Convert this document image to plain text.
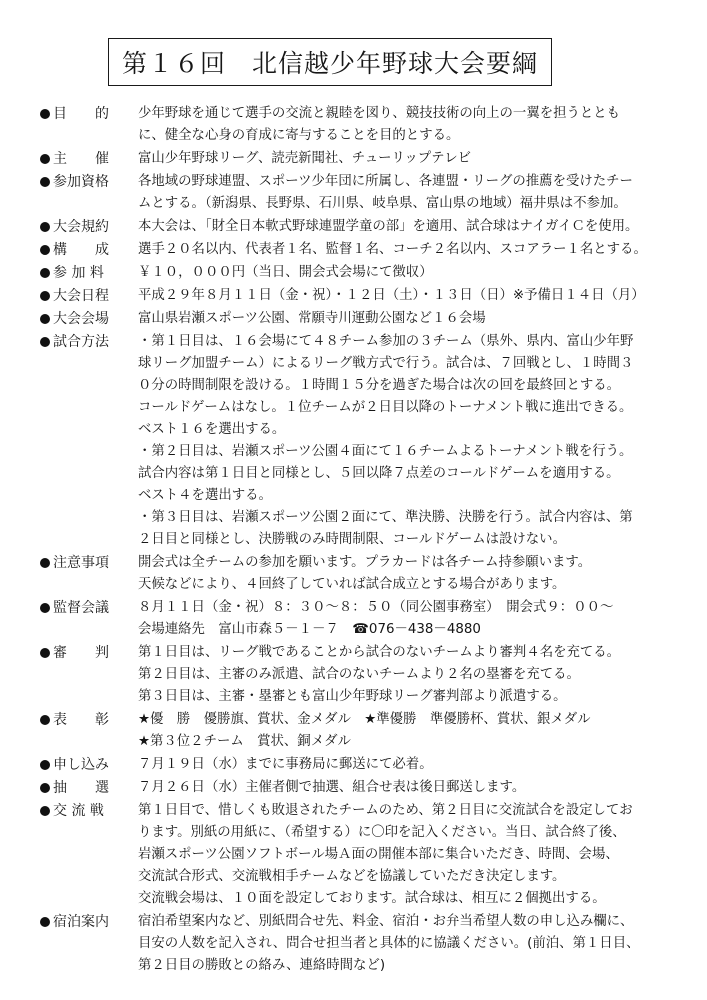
第１６回　北信越少年野球大会要綱
目　　的 少年野球を通じて選手の交流と親睦を図り、競技技術の向上の一翼を担うととも
に、健全な心身の育成に寄与することを目的とする。
主　　催 富山少年野球リーグ、読売新聞社、チューリップテレビ
参加資格 各地域の野球連盟、スポーツ少年団に所属し、各連盟・リーグの推薦を受けたチー
ムとする。（新潟県、長野県、石川県、岐阜県、富山県の地域）福井県は不参加。
大会規約 本大会は、「財全日本軟式野球連盟学童の部」を適用、試合球はナイガイＣを使用。
構　　成 選手２０名以内、代表者１名、監督１名、コーチ２名以内、スコアラー１名とする。
参 加 料	￥１０，０００円（当日、開会式会場にて徴収）
大会日程 平成２９年８月１１日（金・祝）・１２日（土）・１３日（日）※予備日１４日（月）
大会会場 富山県岩瀬スポーツ公園、常願寺川運動公園など１６会場
試合方法 ・第１日目は、１６会場にて４８チーム参加の３チーム（県外、県内、富山少年野
球リーグ加盟チーム）によるリーグ戦方式で行う。試合は、７回戦とし、１時間３
０分の時間制限を設ける。１時間１５分を過ぎた場合は次の回を最終回とする。
コールドゲームはなし。１位チームが２日目以降のトーナメント戦に進出できる。
ベスト１６を選出する。
・第２日目は、岩瀬スポーツ公園４面にて１６チームよるトーナメント戦を行う。
試合内容は第１日目と同様とし、５回以降７点差のコールドゲームを適用する。
ベスト４を選出する。
・第３日目は、岩瀬スポーツ公園２面にて、準決勝、決勝を行う。試合内容は、第
２日目と同様とし、決勝戦のみ時間制限、コールドゲームは設けない。
注意事項 開会式は全チームの参加を願います。プラカードは各チーム持参願います。
天候などにより、４回終了していれば試合成立とする場合があります。
監督会議 ８月１１日（金・祝）８：３０～８：５０（同公園事務室）　開会式９：００～
会場連絡先　富山市森５－１－７　☎076－438－4880
審　　判 第１日目は、リーグ戦であることから試合のないチームより審判４名を充てる。
第２日目は、主審のみ派遣、試合のないチームより２名の塁審を充てる。
第３日目は、主審・塁審とも富山少年野球リーグ審判部より派遣する。
表　　彰 ★優　勝　優勝旗、賞状、金メダル　★準優勝　準優勝杯、賞状、銀メダル
★第３位２チーム　賞状、銅メダル
申し込み ７月１９日（水）までに事務局に郵送にて必着。
抽　　選 ７月２６日（水）主催者側で抽選、組合せ表は後日郵送します。
交 流 戦	第１日目で、惜しくも敗退されたチームのため、第２日目に交流試合を設定してお
ります。別紙の用紙に、（希望する）に〇印を記入ください。当日、試合終了後、
岩瀬スポーツ公園ソフトボール場Ａ面の開催本部に集合いただき、時間、会場、
交流試合形式、交流戦相手チームなどを協議していただき決定します。
交流戦会場は、１０面を設定しております。試合球は、相互に２個拠出する。
宿泊案内 宿泊希望案内など、別紙問合せ先、料金、宿泊・お弁当希望人数の申し込み欄に、
目安の人数を記入され、問合せ担当者と具体的に協議ください。(前泊、第１日目、
第２日目の勝敗との絡み、連絡時間など)
